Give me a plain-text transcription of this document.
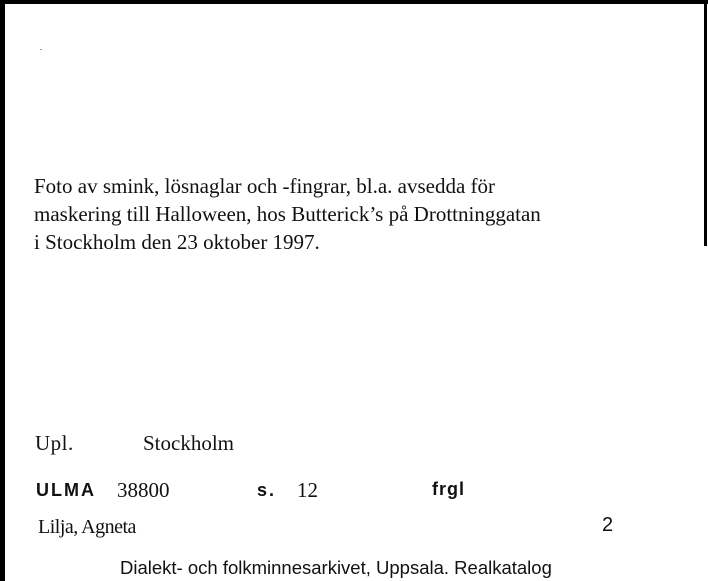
Foto av smink, lösnaglar och -fingrar, bl.a. avsedda för
maskering till Halloween, hos Butterick’s på Drottninggatan
i Stockholm den 23 oktober 1997.

Upl.	Stockholm
ULMA 38800	s. 12	frgl
Lilja, Agneta	2
Dialekt- och folkminnesarkivet, Uppsala. Realkatalog
